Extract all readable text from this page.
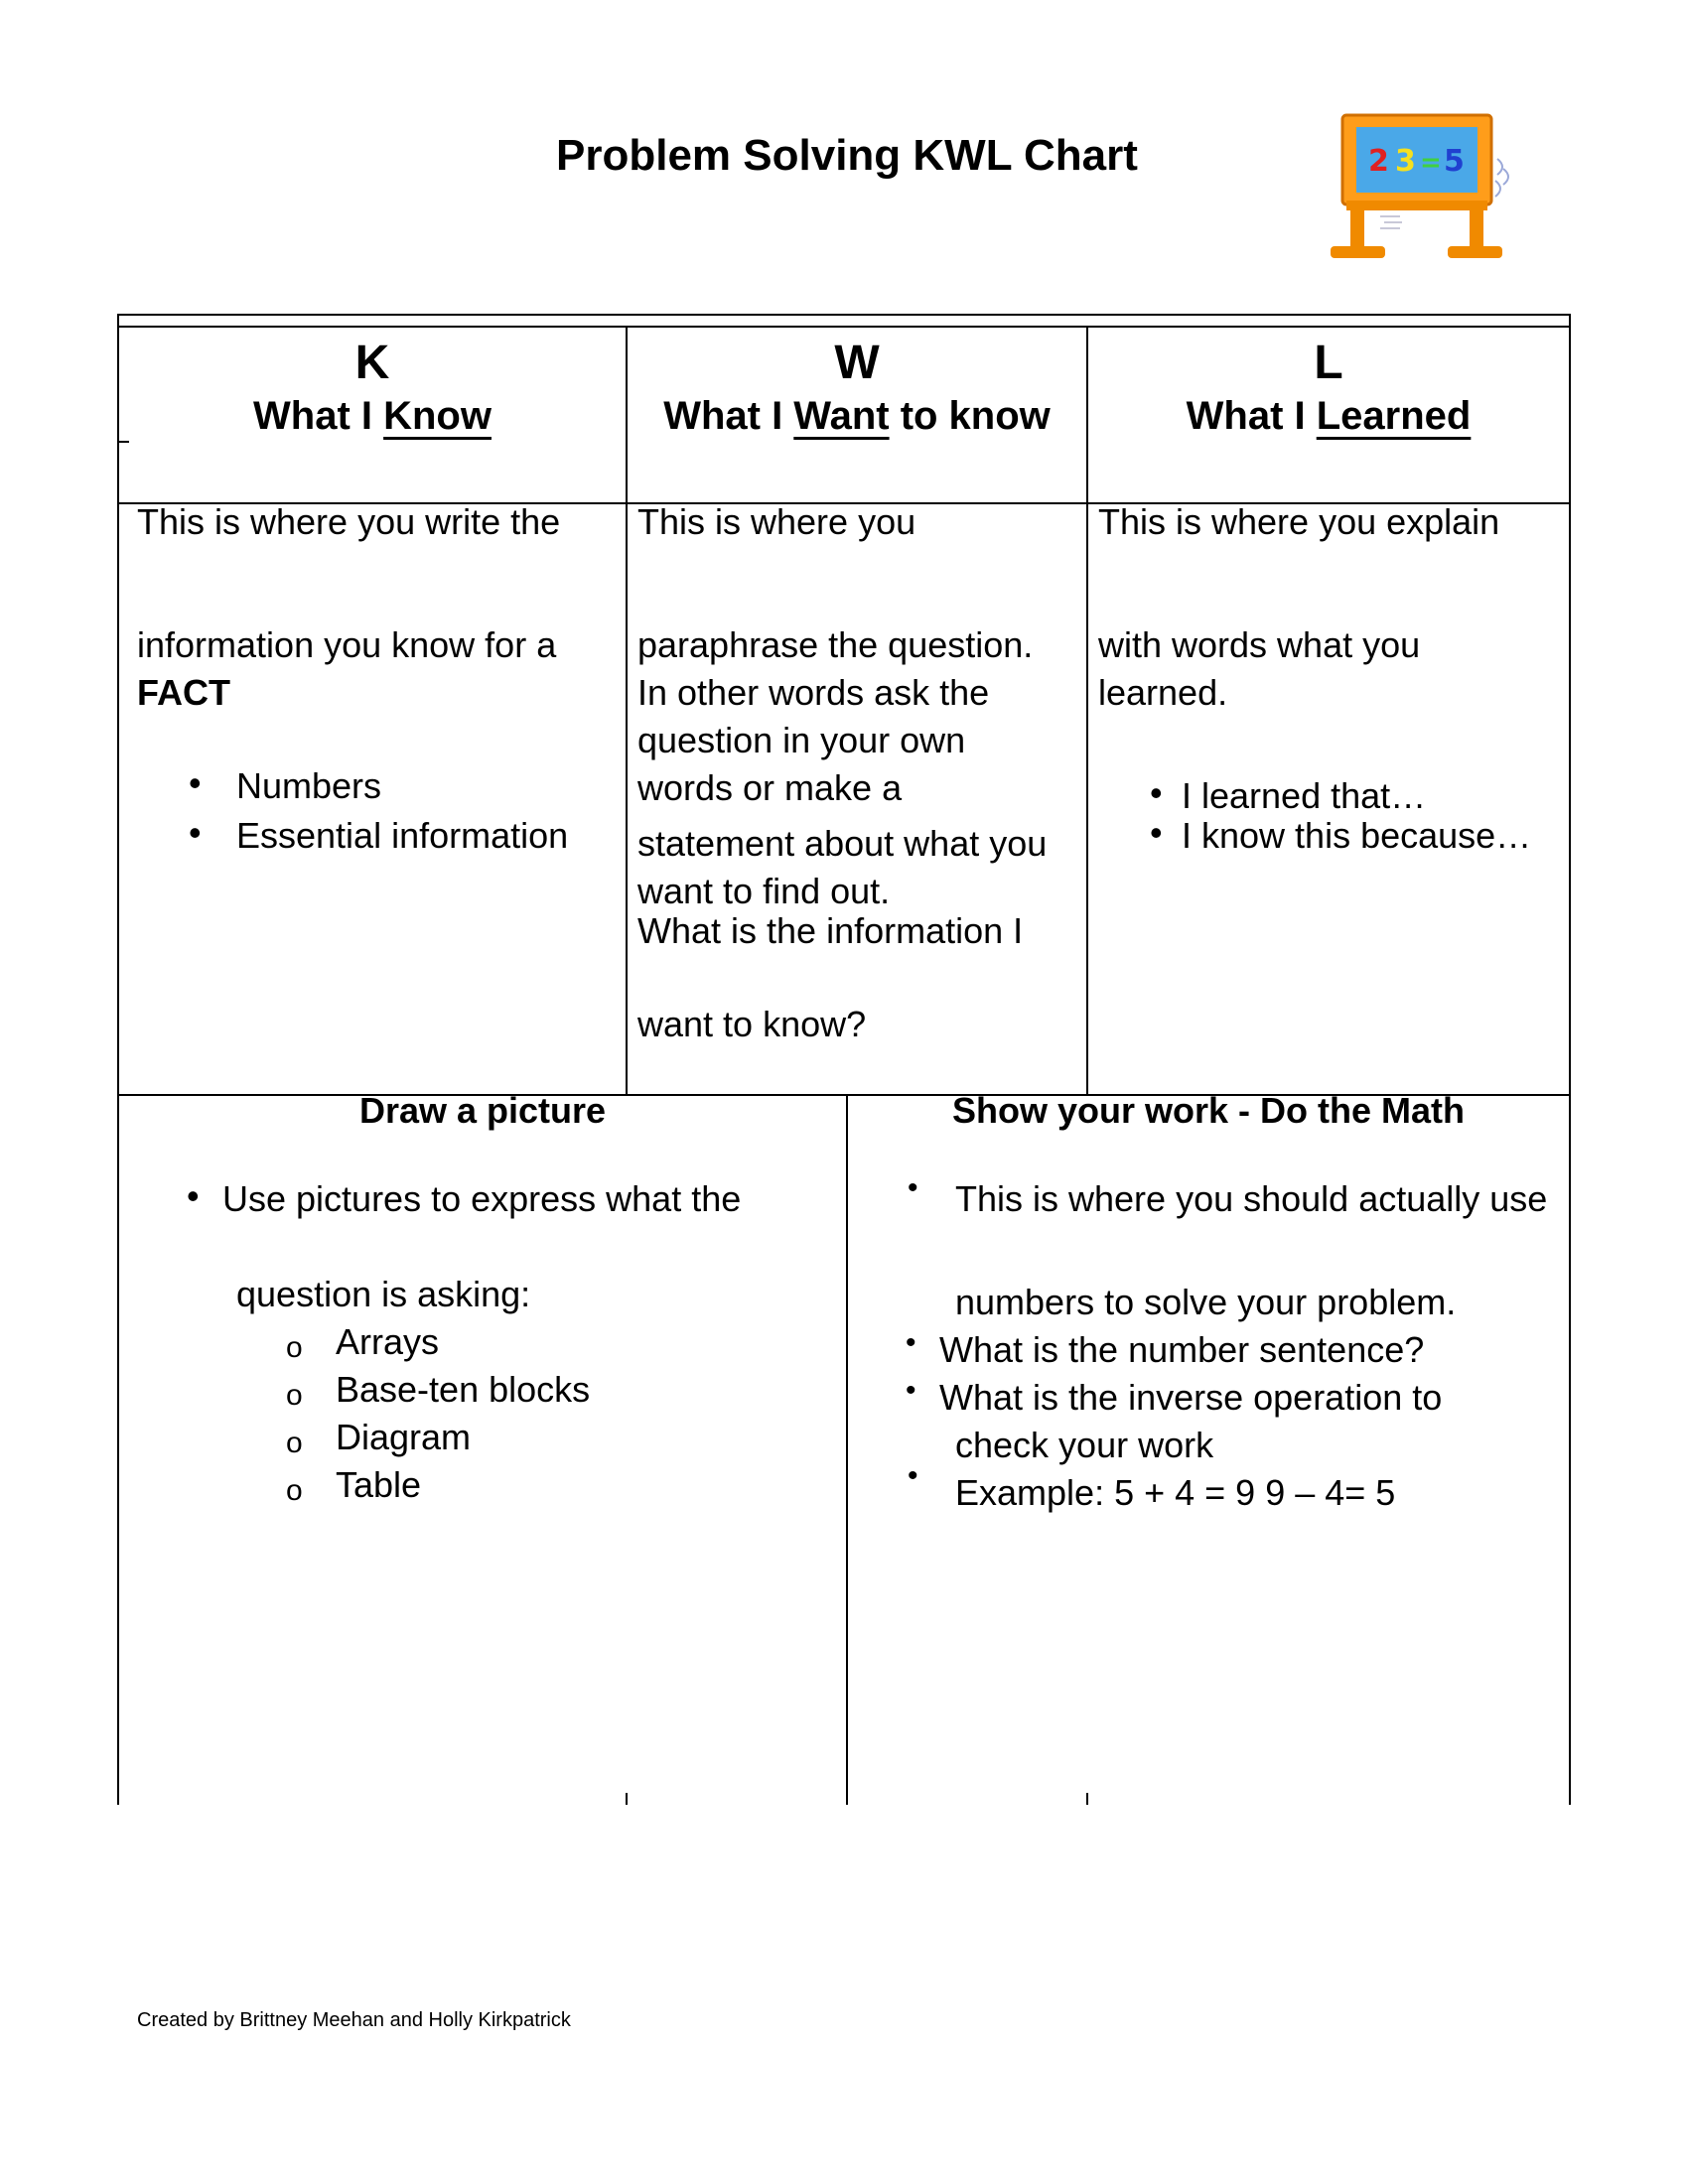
Problem Solving KWL Chart	2 3 = 5
K
What I Know
W
What I Want to know
L
What I Learned
This is where you write the
information you know for a
FACT
• Numbers
• Essential information
This is where you
paraphrase the question.
In other words ask the
question in your own
words or make a
statement about what you
want to find out.
What is the information I
want to know?
This is where you explain
with words what you
learned.
• I learned that…
• I know this because…
Draw a picture
• Use pictures to express what the
question is asking:
o Arrays
o Base-ten blocks
o Diagram
o Table
Show your work - Do the Math
• This is where you should actually use
numbers to solve your problem.
• What is the number sentence?
• What is the inverse operation to
check your work
• Example: 5 + 4 = 9 9 – 4= 5
Created by Brittney Meehan and Holly Kirkpatrick
